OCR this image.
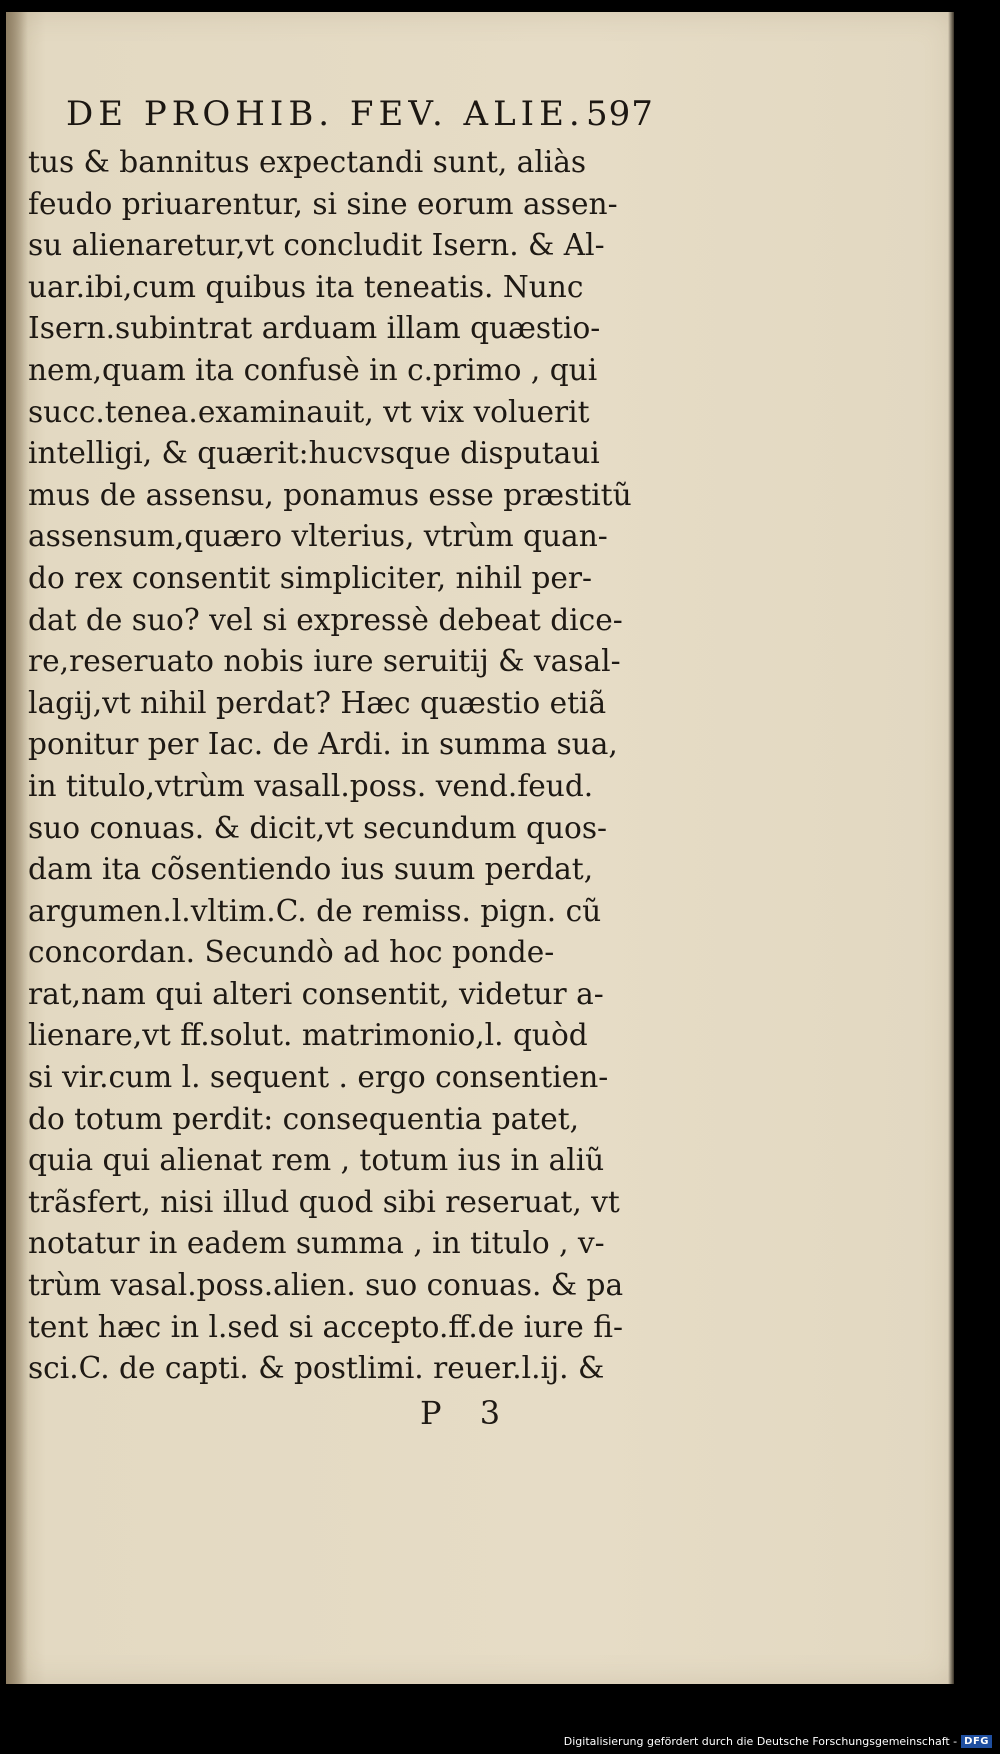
DE PROHIB. FEV. ALIE. 597
tus & bannitus expectandi sunt, aliàs
feudo priuarentur, si sine eorum assen-
su alienaretur,vt concludit Isern. & Al-
uar.ibi,cum quibus ita teneatis. Nunc
Isern.subintrat arduam illam quæstio-
nem,quam ita confusè in c.primo , qui
succ.tenea.examinauit, vt vix voluerit
intelligi, & quærit:hucvsque disputaui
mus de assensu, ponamus esse præstitũ
assensum,quæro vlterius, vtrùm quan-
do rex consentit simpliciter, nihil per-
dat de suo? vel si expressè debeat dice-
re,reseruato nobis iure seruitij & vasal-
lagij,vt nihil perdat? Hæc quæstio etiã
ponitur per Iac. de Ardi. in summa sua,
in titulo,vtrùm vasall.poss. vend.feud.
suo conuas. & dicit,vt secundum quos-
dam ita cõsentiendo ius suum perdat,
argumen.l.vltim.C. de remiss. pign. cũ
concordan. Secundò ad hoc ponde-
rat,nam qui alteri consentit, videtur a-
lienare,vt ff.solut. matrimonio,l. quòd
si vir.cum l. sequent . ergo consentien-
do totum perdit: consequentia patet,
quia qui alienat rem , totum ius in aliũ
trãsfert, nisi illud quod sibi reseruat, vt
notatur in eadem summa , in titulo , v-
trùm vasal.poss.alien. suo conuas. & pa
tent hæc in l.sed si accepto.ff.de iure fi-
sci.C. de capti. & postlimi. reuer.l.ij. &
P 3
Digitalisierung gefördert durch die Deutsche Forschungsgemeinschaft - DFG
